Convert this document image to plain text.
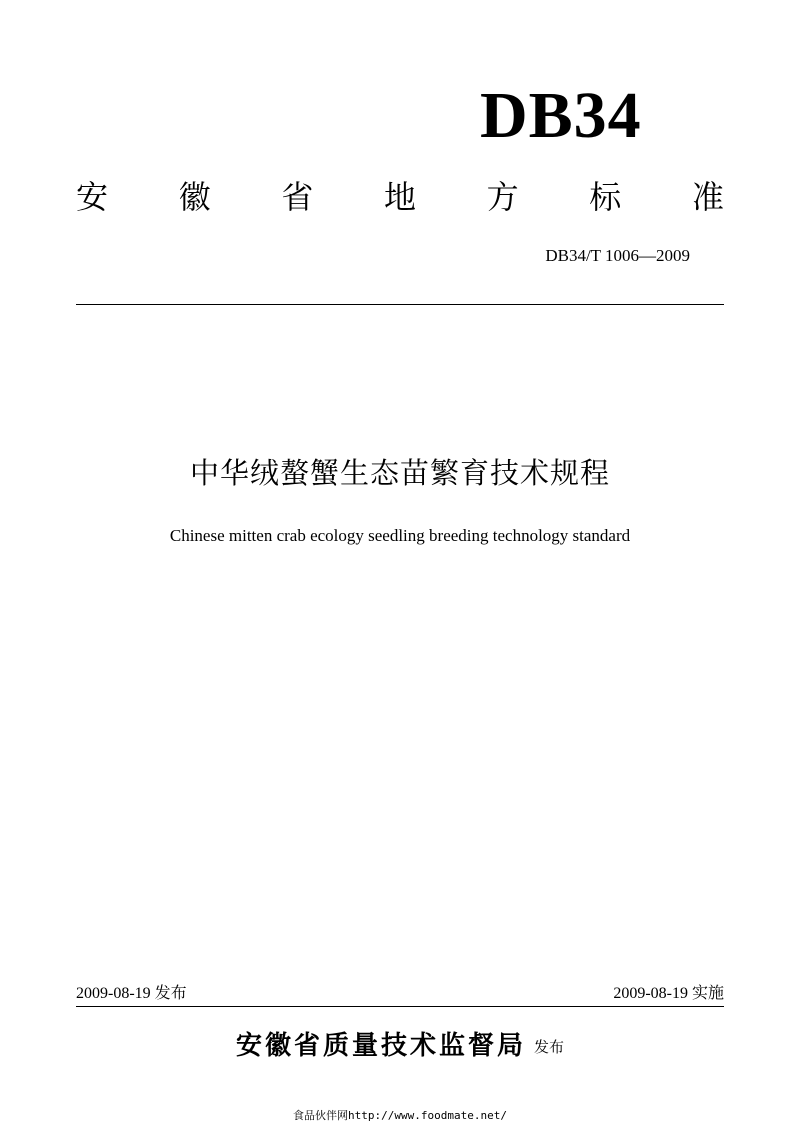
DB34
安 徽 省 地 方 标 准
DB34/T 1006—2009
中华绒螯蟹生态苗繁育技术规程
Chinese mitten crab ecology seedling breeding technology standard
2009-08-19 发布	2009-08-19 实施
安徽省质量技术监督局 发布
食品伙伴网http://www.foodmate.net/
